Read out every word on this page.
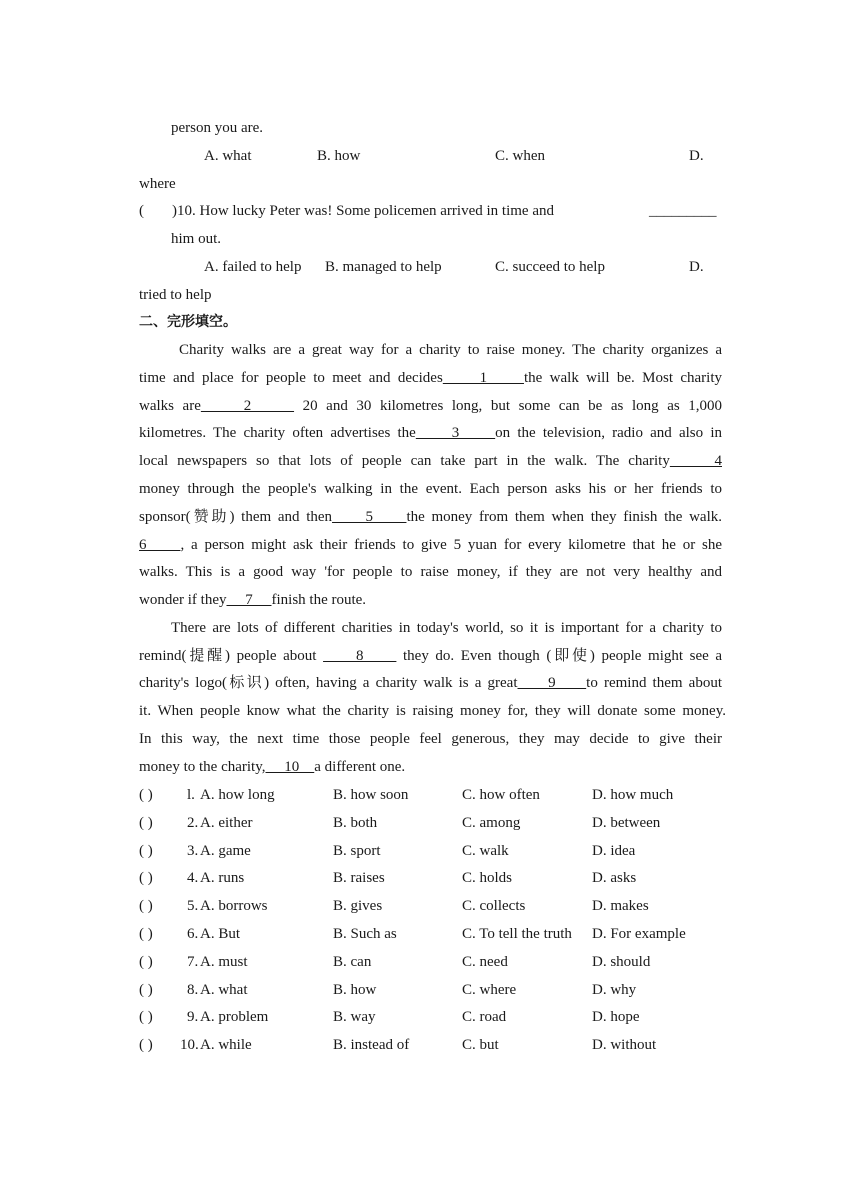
person you are.
A. what	B. how	C. when	D.
where
( )10. How lucky Peter was! Some policemen arrived in time and	_________
him out.
A. failed to help B. managed to help	C. succeed to help	D.
tried to help
二、完形填空。
Charity walks are a great way for a charity to raise money. The charity organizes a
time and place for people to meet and decides     1     the walk will be. Most charity
walks are     2      20 and 30 kilometres long, but some can be as long as 1,000
kilometres. The charity often advertises the     3     on the television, radio and also in
local newspapers so that lots of people can take part in the walk. The charity     4
money through the people's walking in the event. Each person asks his or her friends to
sponsor(赞助) them and then     5     the money from them when they finish the walk.
6     , a person might ask their friends to give 5 yuan for every kilometre that he or she
walks. This is a good way 'for people to raise money, if they are not very healthy and
wonder if they     7     finish the route.
There are lots of different charities in today's world, so it is important for a charity to
remind(提醒) people about      8      they do. Even though (即使) people might see a
charity's logo(标识) often, having a charity walk is a great     9     to remind them about
it. When people know what the charity is raising money for, they will donate some money.
In this way, the next time those people feel generous, they may decide to give their
money to the charity,     10    a different one.
( ) l. A. how long	B. how soon	C. how often	D. how much
( ) 2. A. either	B. both	C. among	D. between
( ) 3. A. game	B. sport	C. walk	D. idea
( ) 4. A. runs	B. raises	C. holds	D. asks
( ) 5. A. borrows	B. gives	C. collects	D. makes
( ) 6. A. But	B. Such as	C. To tell the truth D. For example
( ) 7. A. must	B. can	C. need	D. should
( ) 8. A. what	B. how	C. where	D. why
( ) 9. A. problem	B. way	C. road	D. hope
( ) 10. A. while	B. instead of	C. but	D. without
